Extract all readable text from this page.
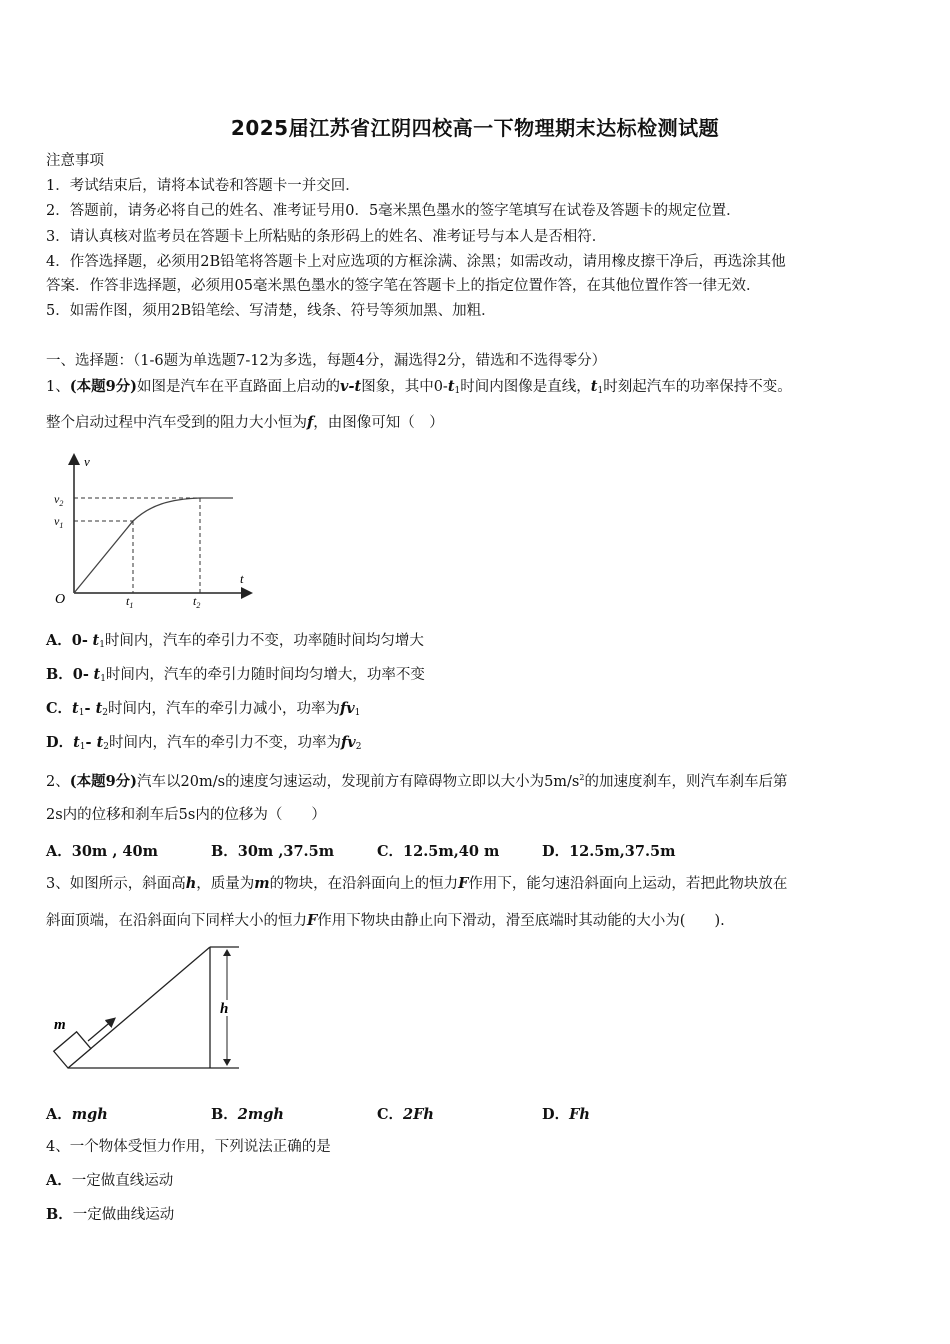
2025届江苏省江阴四校高一下物理期末达标检测试题
注意事项
1．考试结束后，请将本试卷和答题卡一并交回．
2．答题前，请务必将自己的姓名、准考证号用0．5毫米黑色墨水的签字笔填写在试卷及答题卡的规定位置．
3．请认真核对监考员在答题卡上所粘贴的条形码上的姓名、准考证号与本人是否相符．
4．作答选择题，必须用2B铅笔将答题卡上对应选项的方框涂满、涂黑；如需改动，请用橡皮擦干净后，再选涂其他
答案．作答非选择题，必须用05毫米黑色墨水的签字笔在答题卡上的指定位置作答，在其他位置作答一律无效．
5．如需作图，须用2B铅笔绘、写清楚，线条、符号等须加黑、加粗．
一、选择题：（1-6题为单选题7-12为多选，每题4分，漏选得2分，错选和不选得零分）
1、(本题9分)如图是汽车在平直路面上启动的v-t图象，其中$0-t_1$时间内图像是直线，$t_1$时刻起汽车的功率保持不变。
整个启动过程中汽车受到的阻力大小恒为f，由图像可知（　）
v
t
O
$v_2$
$v_1$
$t_1$	$t_2$
A．0- $t_1$时间内，汽车的牵引力不变，功率随时间均匀增大
B．0- $t_1$时间内，汽车的牵引力随时间均匀增大，功率不变
C．$t_1-$ $t_2$时间内，汽车的牵引力减小，功率为$fv_1$
D．$t_1-$ $t_2$时间内，汽车的牵引力不变，功率为$fv_2$
2、(本题9分)汽车以20m/s的速度匀速运动，发现前方有障碍物立即以大小为$5m/s^2$的加速度刹车，则汽车刹车后第
2s内的位移和刹车后5s内的位移为（　　）
A．30m , 40m	B．30m ,37.5m	C．12.5m,40 m	D．12.5m,37.5m
3、如图所示，斜面高h，质量为m的物块，在沿斜面向上的恒力F作用下，能匀速沿斜面向上运动，若把此物块放在
斜面顶端，在沿斜面向下同样大小的恒力F作用下物块由静止向下滑动，滑至底端时其动能的大小为(　　).
h
m
A．mgh	B．2mgh	C．2Fh	D．Fh
4、一个物体受恒力作用，下列说法正确的是
A．一定做直线运动
B．一定做曲线运动
